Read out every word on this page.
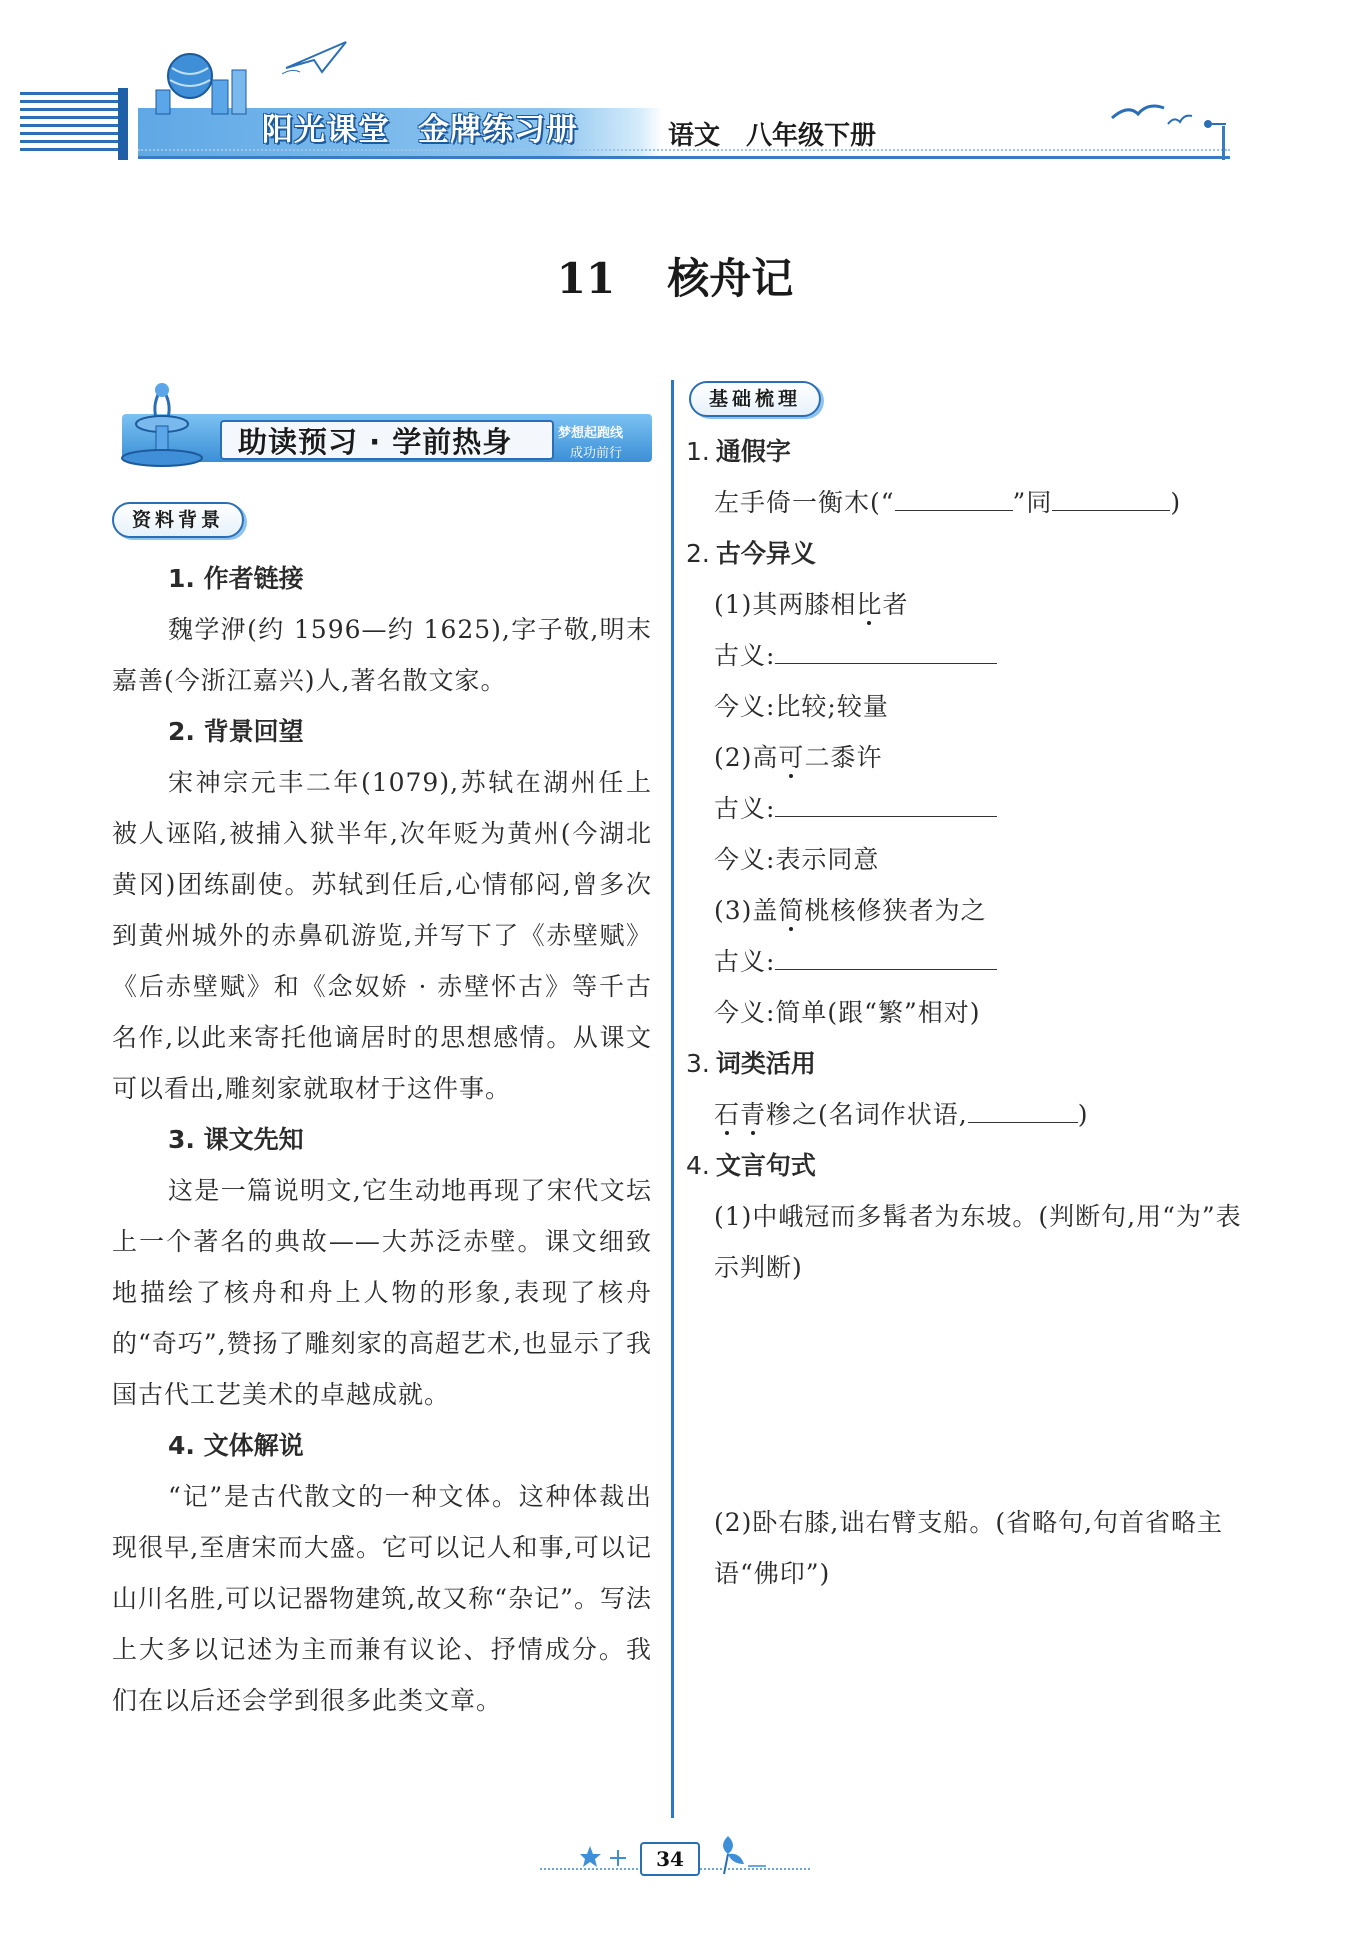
阳光课堂 金牌练习册	语文 八年级下册
11 核舟记
助读预习 · 学前热身	梦想起跑线
成功前行
资料背景
1. 作者链接
魏学洢(约 1596—约 1625),字子敬,明末嘉善(今浙江嘉兴)人,著名散文家。
2. 背景回望
宋神宗元丰二年(1079),苏轼在湖州任上被人诬陷,被捕入狱半年,次年贬为黄州(今湖北黄冈)团练副使。苏轼到任后,心情郁闷,曾多次到黄州城外的赤鼻矶游览,并写下了《赤壁赋》《后赤壁赋》和《念奴娇 · 赤壁怀古》等千古名作,以此来寄托他谪居时的思想感情。从课文可以看出,雕刻家就取材于这件事。
3. 课文先知
这是一篇说明文,它生动地再现了宋代文坛上一个著名的典故——大苏泛赤壁。课文细致地描绘了核舟和舟上人物的形象,表现了核舟的“奇巧”,赞扬了雕刻家的高超艺术,也显示了我国古代工艺美术的卓越成就。
4. 文体解说
“记”是古代散文的一种文体。这种体裁出现很早,至唐宋而大盛。它可以记人和事,可以记山川名胜,可以记器物建筑,故又称“杂记”。写法上大多以记述为主而兼有议论、抒情成分。我们在以后还会学到很多此类文章。
基础梳理
1. 通假字
左手倚一衡木(“	”同	)
2. 古今异义
(1)其两膝相比者
古义:
今义:比较;较量
(2)高可二黍许
古义:
今义:表示同意
(3)盖简桃核修狭者为之
古义:
今义:简单(跟“繁”相对)
3. 词类活用
石青糁之(名词作状语,	)
4. 文言句式
(1)中峨冠而多髯者为东坡。(判断句,用“为”表示判断)
(2)卧右膝,诎右臂支船。(省略句,句首省略主语“佛印”)
34
